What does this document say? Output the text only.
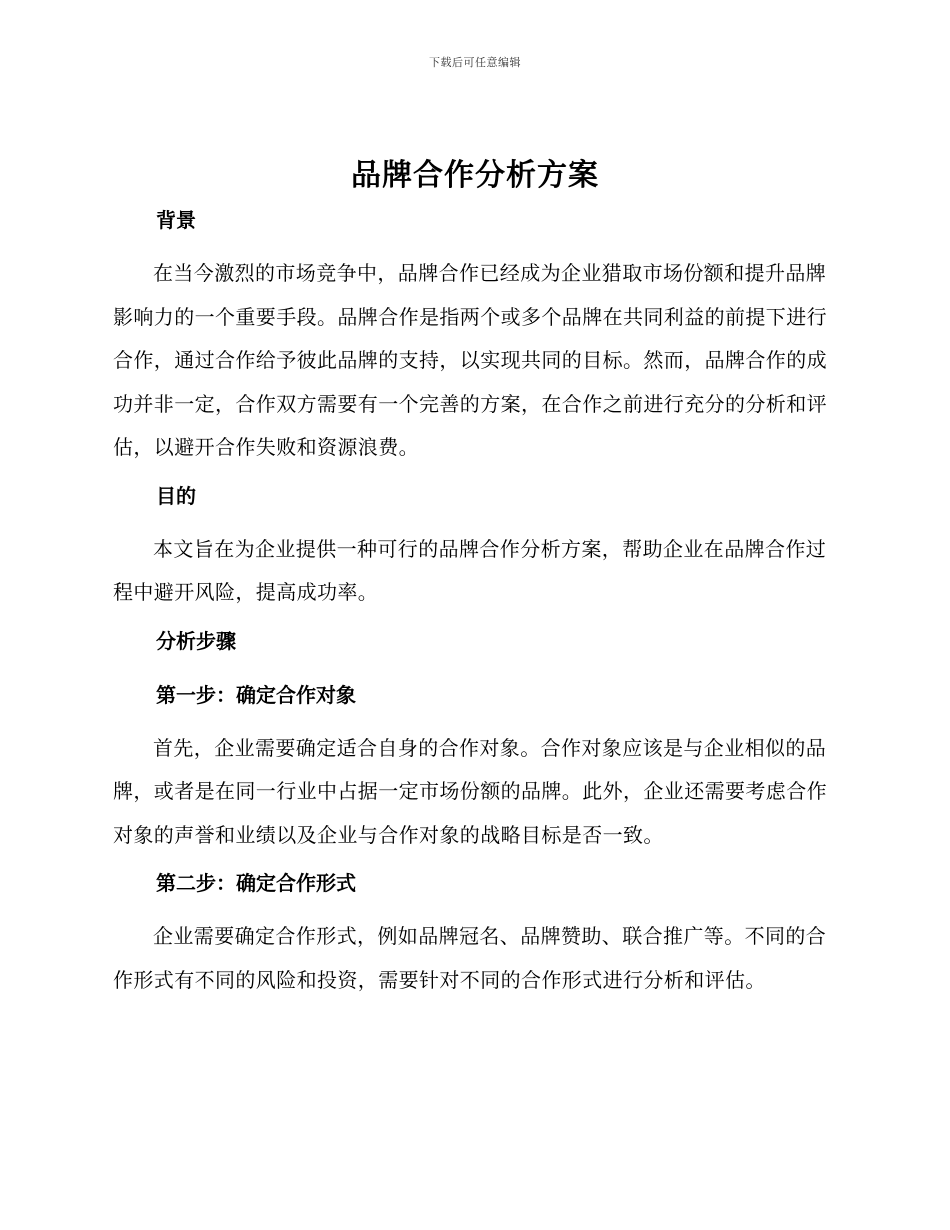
下载后可任意编辑
品牌合作分析方案
背景

在当今激烈的市场竞争中，品牌合作已经成为企业猎取市场份额和提升品牌影响力的一个重要手段。品牌合作是指两个或多个品牌在共同利益的前提下进行合作，通过合作给予彼此品牌的支持，以实现共同的目标。然而，品牌合作的成功并非一定，合作双方需要有一个完善的方案，在合作之前进行充分的分析和评估，以避开合作失败和资源浪费。

目的

本文旨在为企业提供一种可行的品牌合作分析方案，帮助企业在品牌合作过程中避开风险，提高成功率。

分析步骤
第一步：确定合作对象

首先，企业需要确定适合自身的合作对象。合作对象应该是与企业相似的品牌，或者是在同一行业中占据一定市场份额的品牌。此外，企业还需要考虑合作对象的声誉和业绩以及企业与合作对象的战略目标是否一致。

第二步：确定合作形式

企业需要确定合作形式，例如品牌冠名、品牌赞助、联合推广等。不同的合作形式有不同的风险和投资，需要针对不同的合作形式进行分析和评估。
